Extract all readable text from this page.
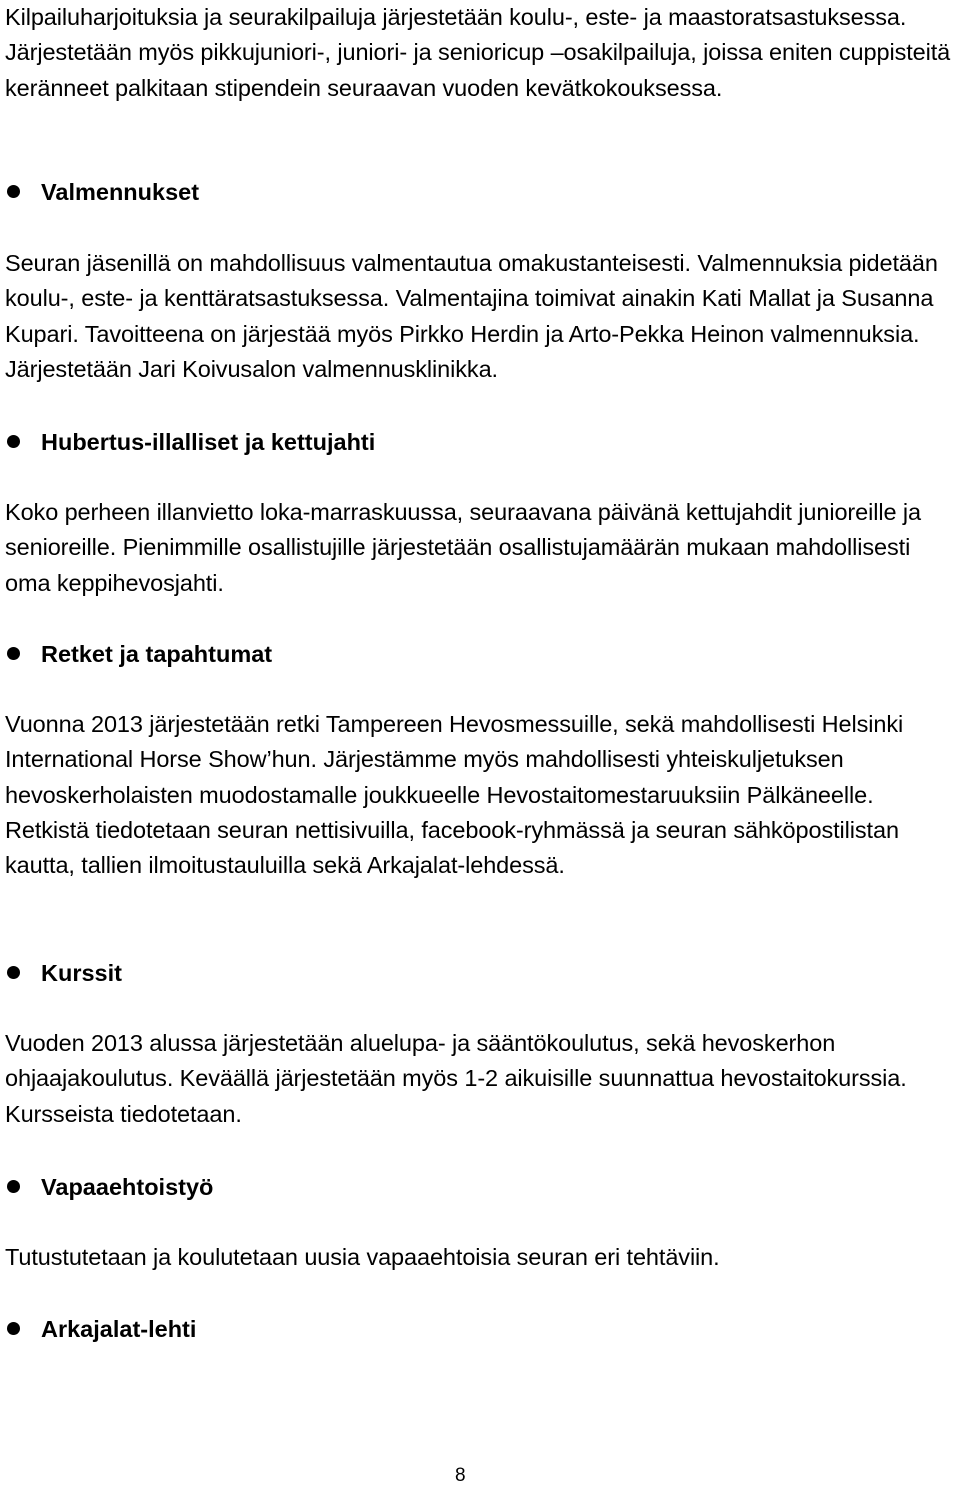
Kilpailuharjoituksia ja seurakilpailuja järjestetään koulu-, este- ja maastoratsastuksessa. Järjestetään myös pikkujuniori-, juniori- ja senioricup –osakilpailuja, joissa eniten cuppisteitä keränneet palkitaan stipendein seuraavan vuoden kevätkokouksessa.

Valmennukset

Seuran jäsenillä on mahdollisuus valmentautua omakustanteisesti. Valmennuksia pidetään koulu-, este- ja kenttäratsastuksessa. Valmentajina toimivat ainakin Kati Mallat ja Susanna Kupari. Tavoitteena on järjestää myös Pirkko Herdin ja Arto-Pekka Heinon valmennuksia. Järjestetään Jari Koivusalon valmennusklinikka.

Hubertus-illalliset ja kettujahti

Koko perheen illanvietto loka-marraskuussa, seuraavana päivänä kettujahdit junioreille ja senioreille. Pienimmille osallistujille järjestetään osallistujamäärän mukaan mahdollisesti oma keppihevosjahti.

Retket ja tapahtumat

Vuonna 2013 järjestetään retki Tampereen Hevosmessuille, sekä mahdollisesti Helsinki International Horse Show’hun. Järjestämme myös mahdollisesti yhteiskuljetuksen hevoskerholaisten muodostamalle joukkueelle Hevostaitomestaruuksiin Pälkäneelle. Retkistä tiedotetaan seuran nettisivuilla, facebook-ryhmässä ja seuran sähköpostilistan kautta, tallien ilmoitustauluilla sekä Arkajalat-lehdessä.

Kurssit

Vuoden 2013 alussa järjestetään aluelupa- ja sääntökoulutus, sekä hevoskerhon ohjaajakoulutus. Keväällä järjestetään myös 1-2 aikuisille suunnattua hevostaitokurssia. Kursseista tiedotetaan.

Vapaaehtoistyö

Tutustutetaan ja koulutetaan uusia vapaaehtoisia seuran eri tehtäviin.

Arkajalat-lehti
8
